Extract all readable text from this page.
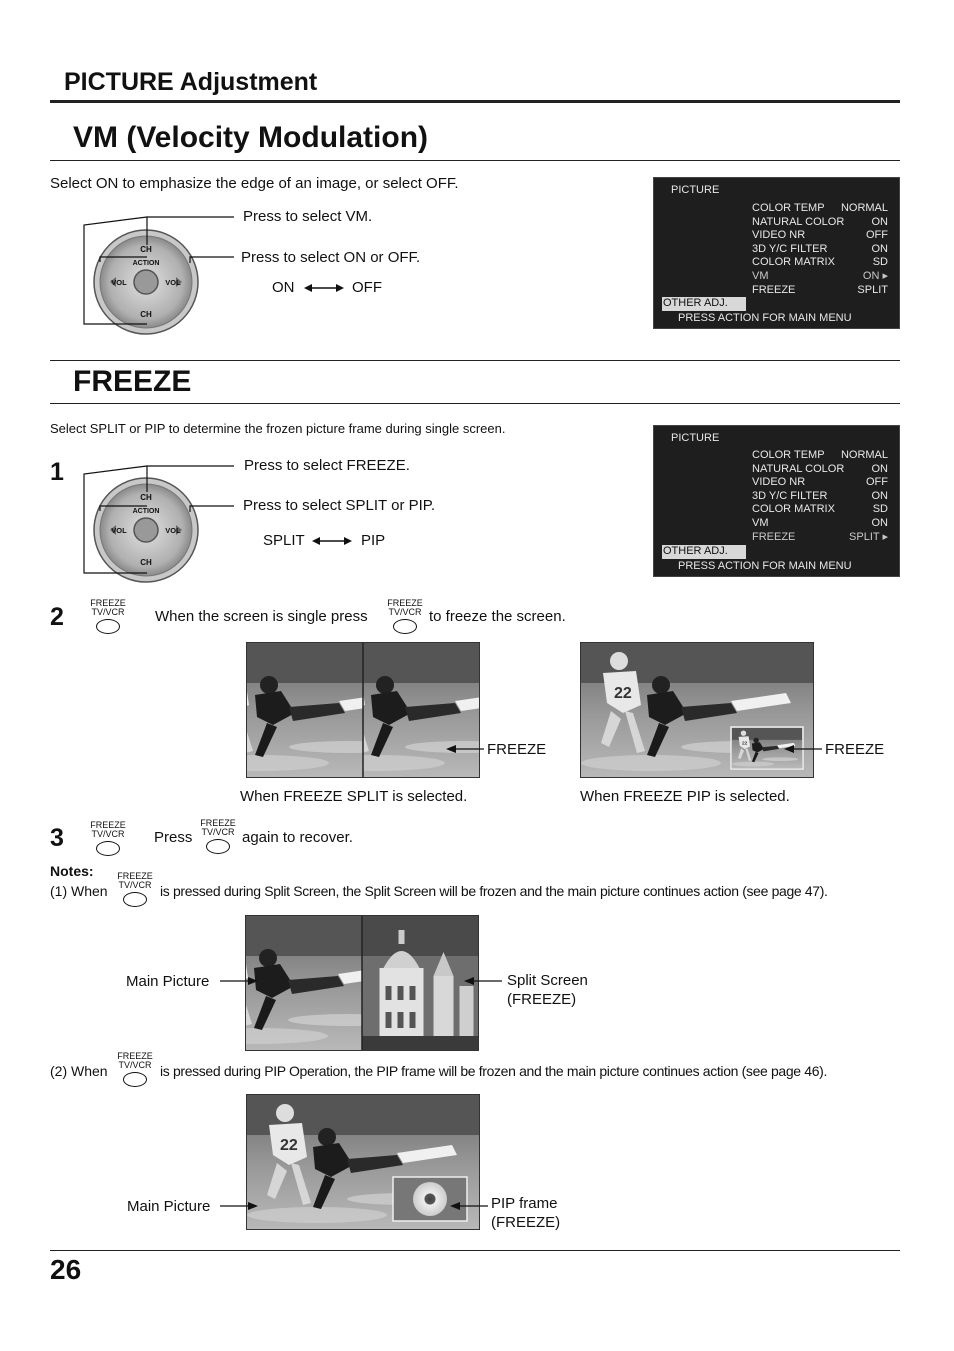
PICTURE Adjustment
VM (Velocity Modulation)
Select ON to emphasize the edge of an image, or select OFF.
CH
CH
VOL	VOL
ACTION
Press to select VM.
Press to select ON or OFF.
ON	OFF
PICTURE
COLOR TEMP NORMAL
NATURAL COLOR ON
VIDEO NR	OFF
3D Y/C FILTER	ON
COLOR MATRIX	SD
VM	ON ▸
FREEZE	SPLIT
OTHER ADJ.
PRESS ACTION FOR MAIN MENU
FREEZE
Select SPLIT or PIP to determine the frozen picture frame during single screen.
1
CH
CH
VOL	VOL
ACTION
Press to select FREEZE.
Press to select SPLIT or PIP.
SPLIT	PIP
PICTURE
COLOR TEMP NORMAL
NATURAL COLOR ON
VIDEO NR	OFF
3D Y/C FILTER	ON
COLOR MATRIX	SD
VM	ON
FREEZE	SPLIT ▸
OTHER ADJ.
PRESS ACTION FOR MAIN MENU
2	FREEZE
TV/VCR	When the screen is single press
FREEZE
TV/VCR to freeze the screen.
FREEZE
When FREEZE SPLIT is selected.
FREEZE
When FREEZE PIP is selected.
3	FREEZE
TV/VCR	Press
FREEZE
TV/VCR again to recover.
Notes:
(1) When
FREEZE
TV/VCR is pressed during Split Screen, the Split Screen will be frozen and the main picture continues action (see page 47).
Main Picture	Split Screen
(FREEZE)
(2) When
FREEZE
TV/VCR is pressed during PIP Operation, the PIP frame will be frozen and the main picture continues action (see page 46).
Main Picture	PIP frame
(FREEZE)
26
